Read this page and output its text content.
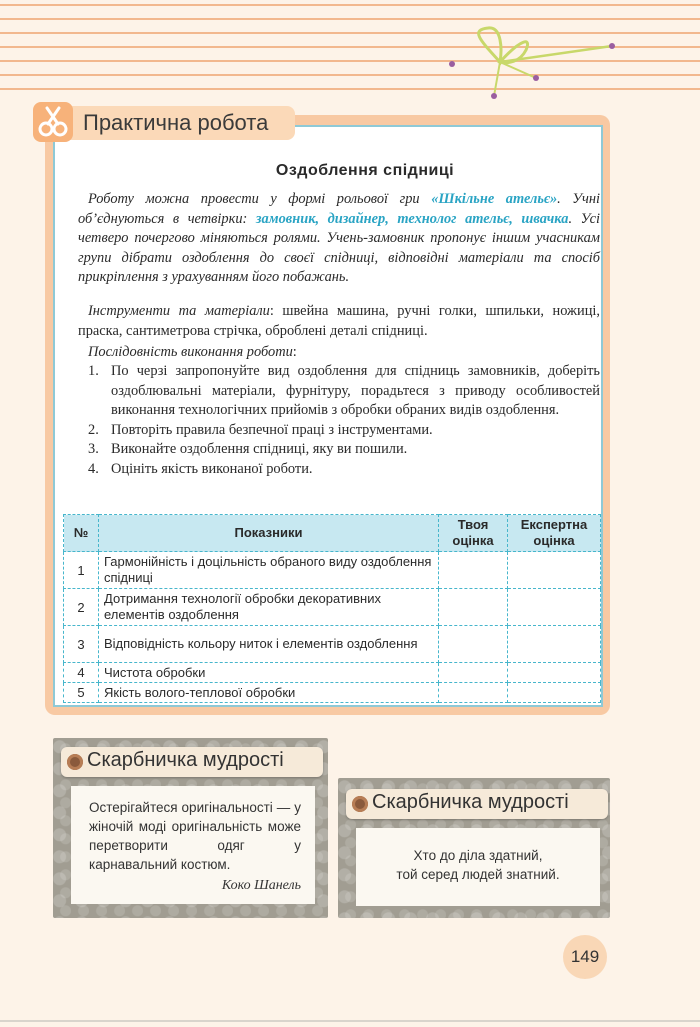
Практична робота
Оздоблення спідниці
Роботу можна провести у формі рольової гри «Шкільне ательє». Учні об’єднуються в четвірки: замовник, дизайнер, технолог ательє, швачка. Усі четверо почергово міняються ролями. Учень-замовник пропонує іншим учасникам групи дібрати оздоблення до своєї спідниці, відповідні матеріали та спосіб прикріплення з урахуванням його побажань.
Інструменти та матеріали: швейна машина, ручні голки, шпильки, ножиці, праска, сантиметрова стрічка, оброблені деталі спідниці.
Послідовність виконання роботи:
1. По черзі запропонуйте вид оздоблення для спідниць замовників, доберіть оздоблювальні матеріали, фурнітуру, порадьтеся з приводу особливостей виконання технологічних прийомів з обробки обраних видів оздоблення.
2. Повторіть правила безпечної праці з інструментами.
3. Виконайте оздоблення спідниці, яку ви пошили.
4. Оцініть якість виконаної роботи.
№	Показники	Твоя оцінка	Експертна оцінка
1	Гармонійність і доцільність обраного виду оздоблення спідниці		
2	Дотримання технології обробки декоративних елементів оздоблення		
3	Відповідність кольору ниток і елементів оздоблення		
4	Чистота обробки		
5	Якість волого-теплової обробки		
Скарбничка мудрості
Остерігайтеся оригінальності — у жіночій моді оригінальність може перетворити одяг у карнавальний костюм.
Коко Шанель
Скарбничка мудрості
Хто до діла здатний,
той серед людей знатний.
149
